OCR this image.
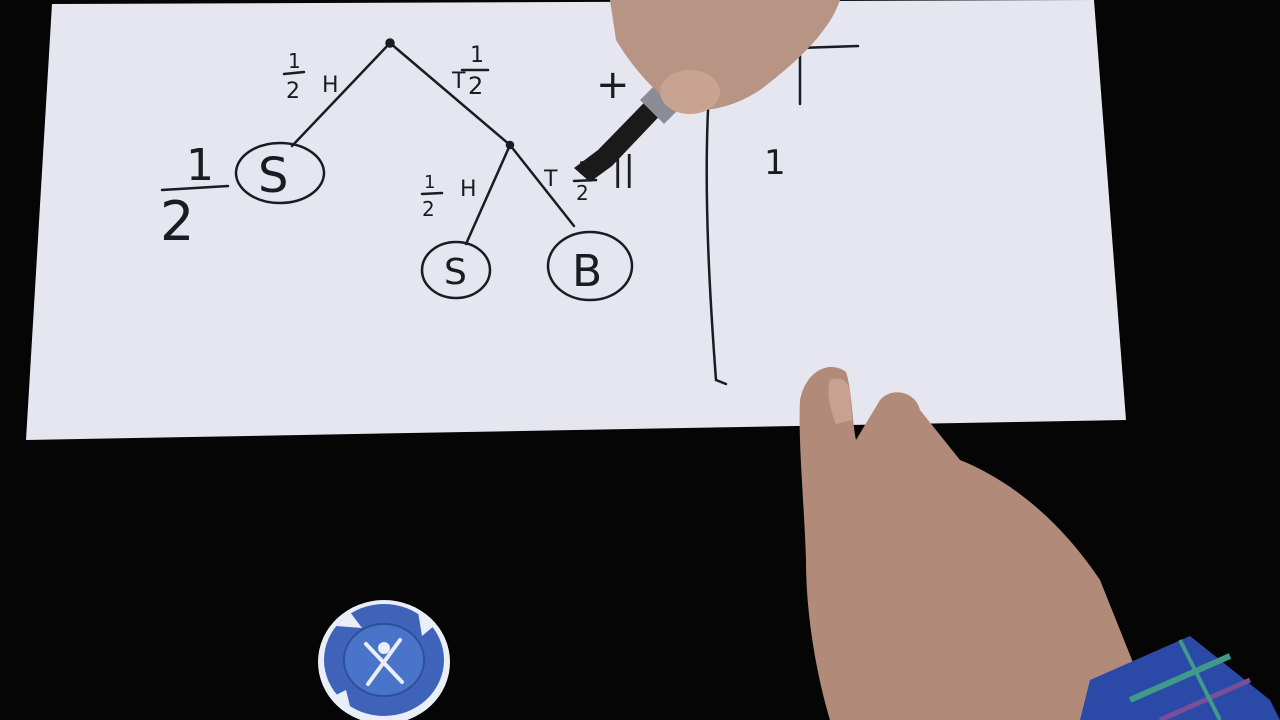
1
2 H
1
2
T
S
1
2
1
2
H	T
2
S B
+
1
||
